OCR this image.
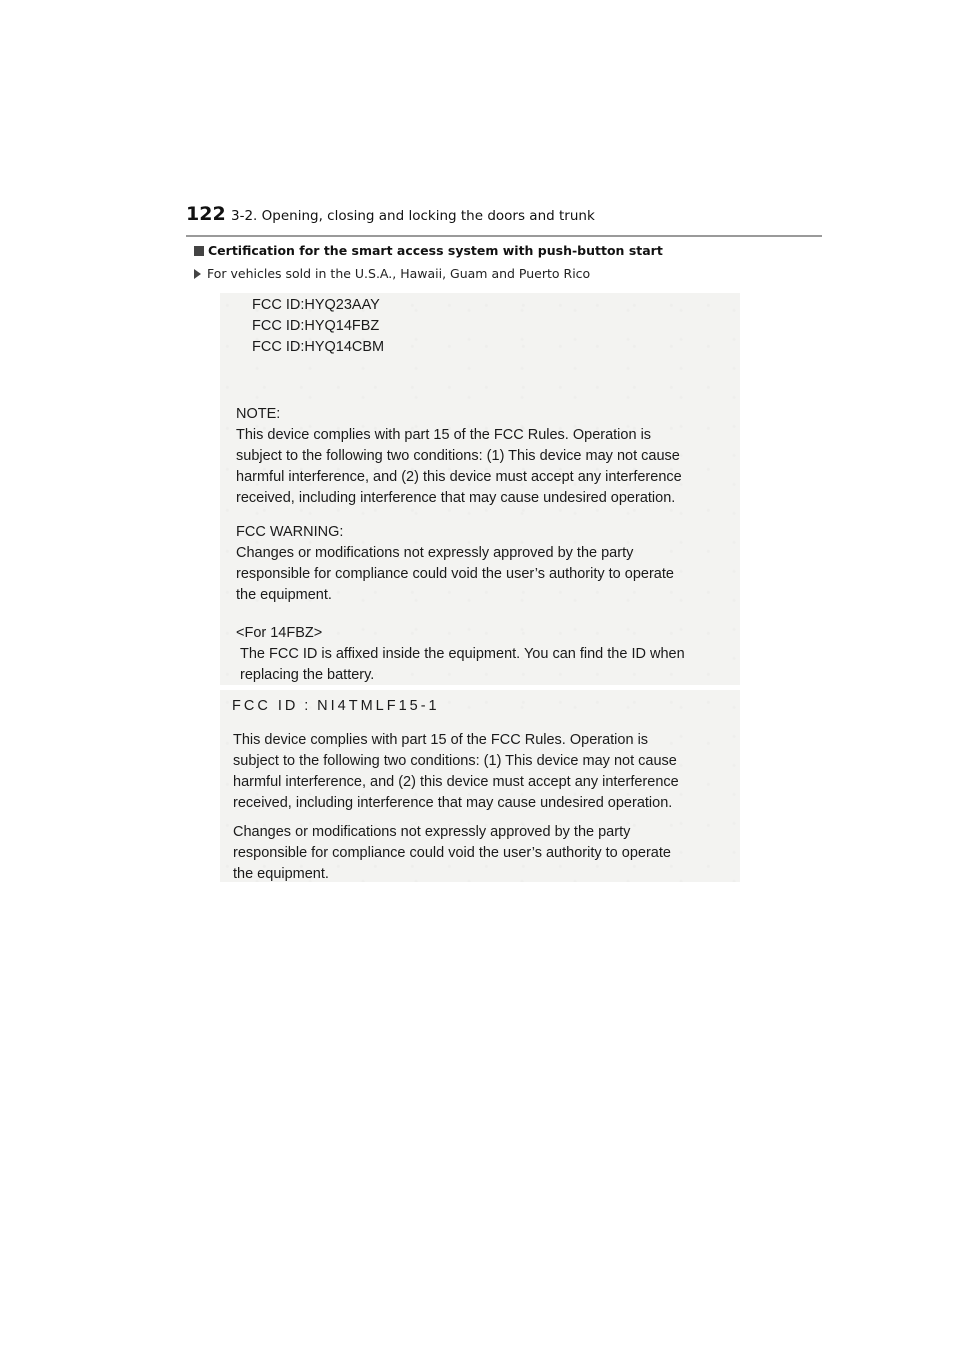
122 3-2. Opening, closing and locking the doors and trunk
Certification for the smart access system with push-button start
For vehicles sold in the U.S.A., Hawaii, Guam and Puerto Rico
FCC ID:HYQ23AAY
FCC ID:HYQ14FBZ
FCC ID:HYQ14CBM
NOTE:
This device complies with part 15 of the FCC Rules. Operation is
subject to the following two conditions: (1) This device may not cause
harmful interference, and (2) this device must accept any interference
received, including interference that may cause undesired operation.
FCC WARNING:
Changes or modifications not expressly approved by the party
responsible for compliance could void the user’s authority to operate
the equipment.
<For 14FBZ>
The FCC ID is affixed inside the equipment. You can find the ID when
replacing the battery.
FCC ID : NI4TMLF15-1
This device complies with part 15 of the FCC Rules. Operation is
subject to the following two conditions: (1) This device may not cause
harmful interference, and (2) this device must accept any interference
received, including interference that may cause undesired operation.
Changes or modifications not expressly approved by the party
responsible for compliance could void the user’s authority to operate
the equipment.
